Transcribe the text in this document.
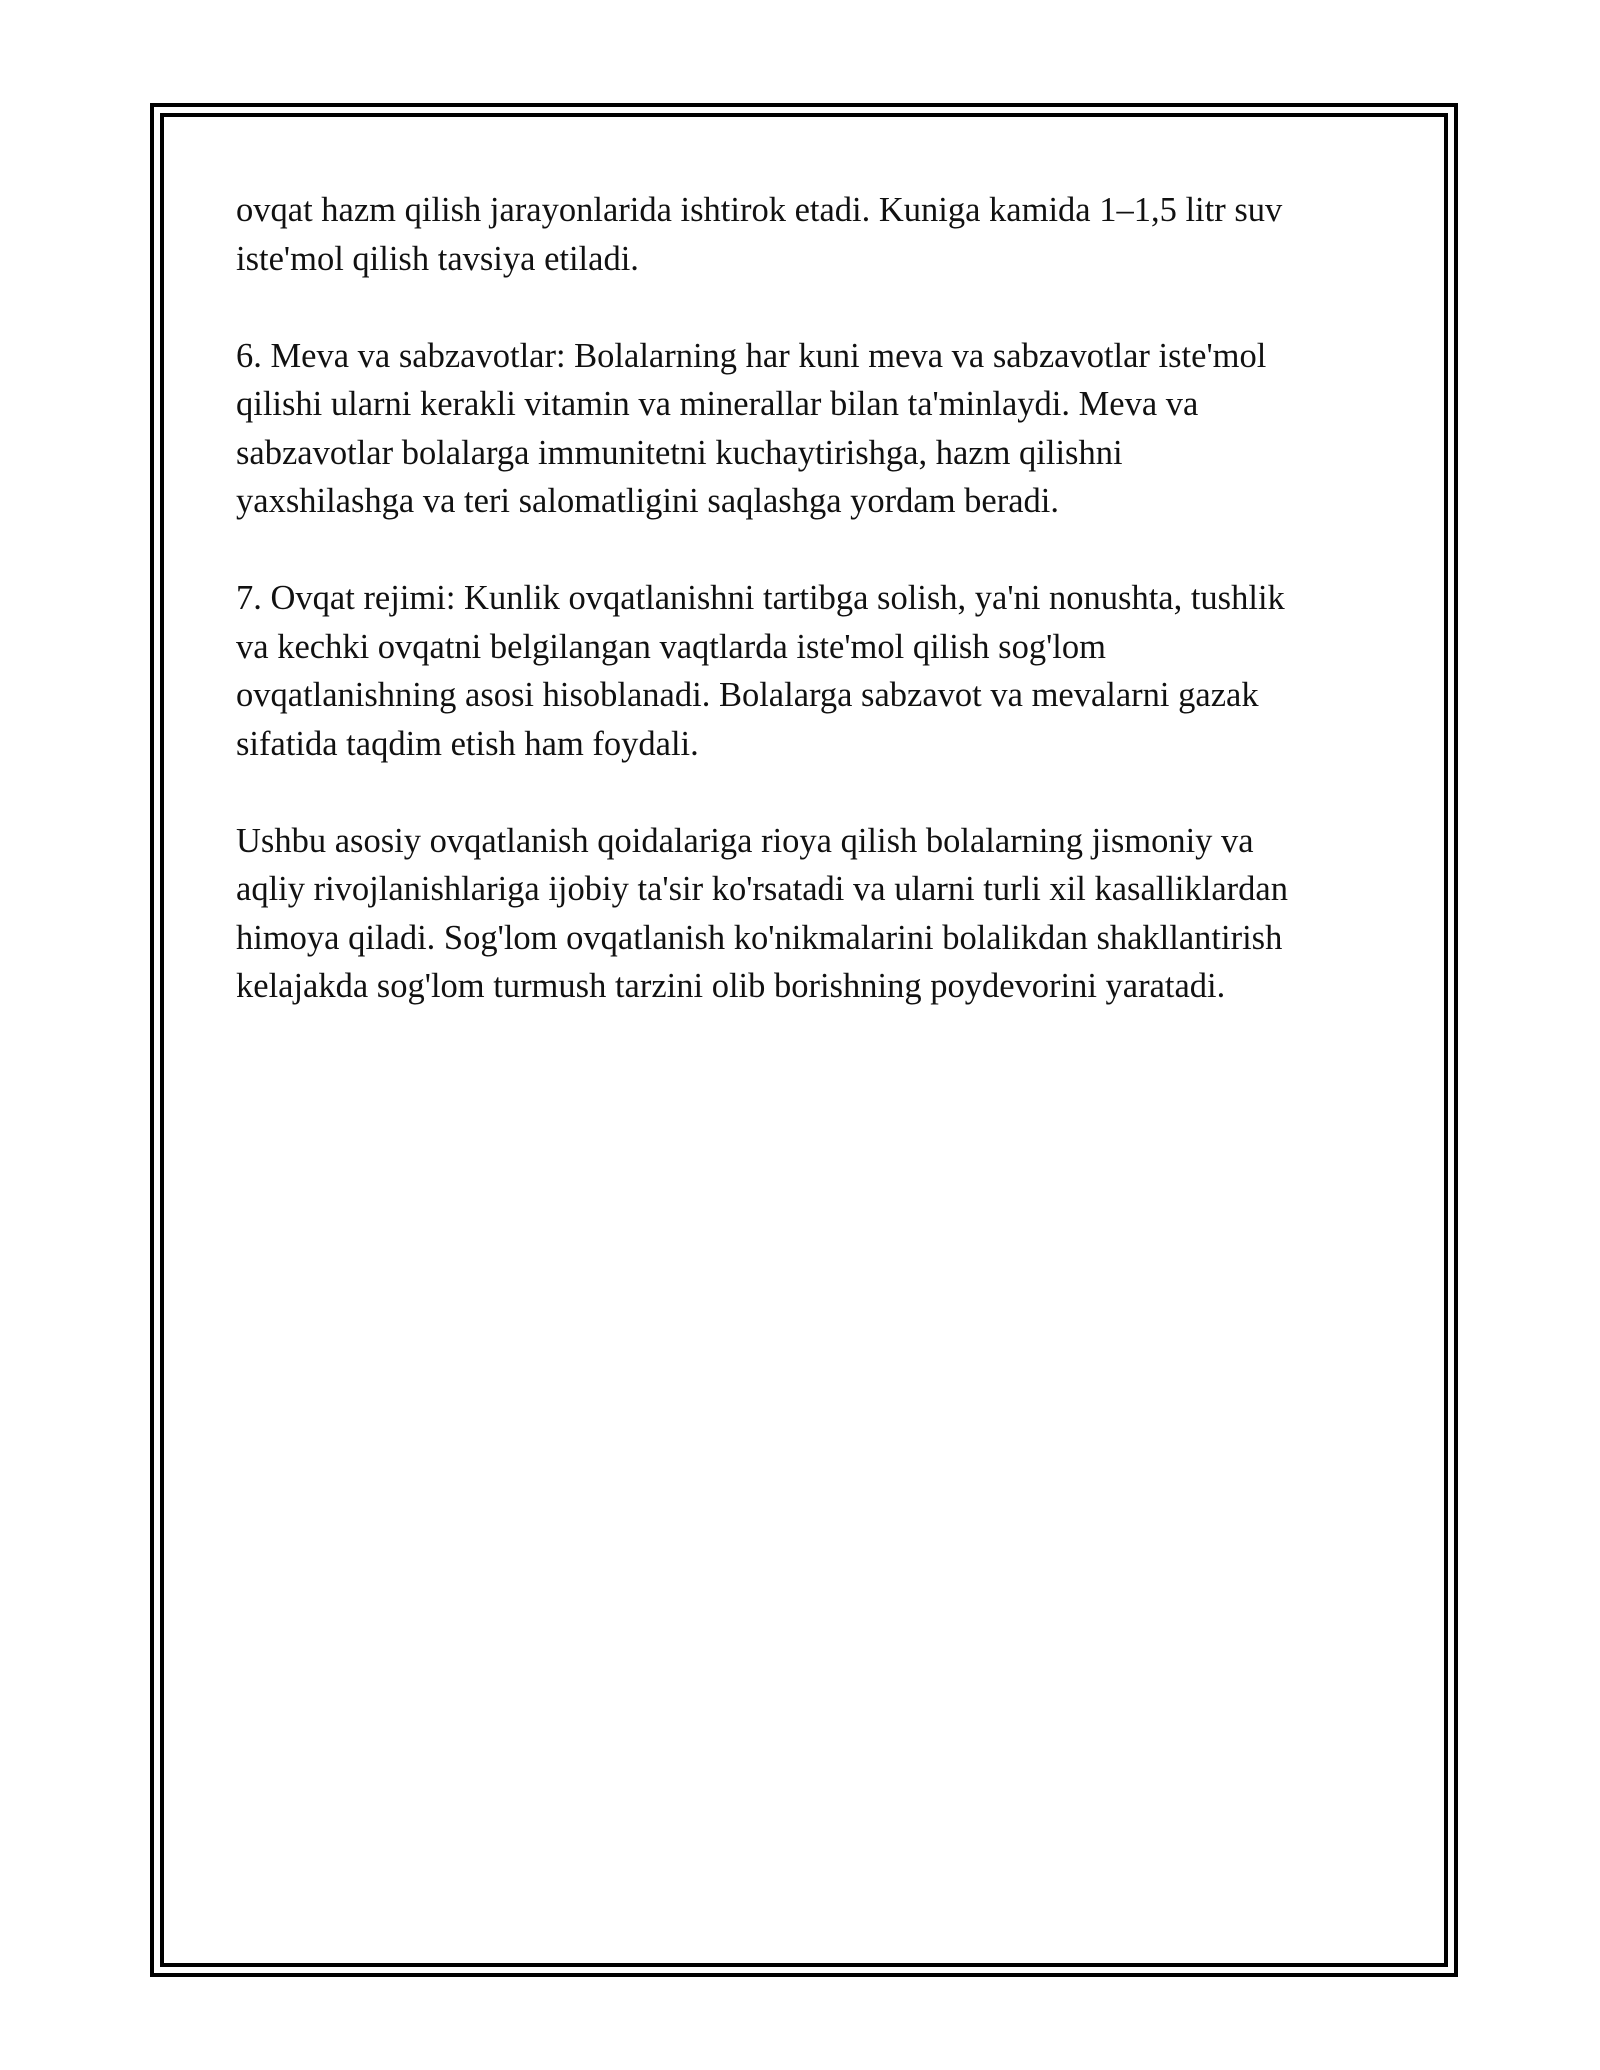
ovqat hazm qilish jarayonlarida ishtirok etadi. Kuniga kamida 1–1,5 litr suv
iste'mol qilish tavsiya etiladi.

6. Meva va sabzavotlar: Bolalarning har kuni meva va sabzavotlar iste'mol
qilishi ularni kerakli vitamin va minerallar bilan ta'minlaydi. Meva va
sabzavotlar bolalarga immunitetni kuchaytirishga, hazm qilishni
yaxshilashga va teri salomatligini saqlashga yordam beradi.

7. Ovqat rejimi: Kunlik ovqatlanishni tartibga solish, ya'ni nonushta, tushlik
va kechki ovqatni belgilangan vaqtlarda iste'mol qilish sog'lom
ovqatlanishning asosi hisoblanadi. Bolalarga sabzavot va mevalarni gazak
sifatida taqdim etish ham foydali.

Ushbu asosiy ovqatlanish qoidalariga rioya qilish bolalarning jismoniy va
aqliy rivojlanishlariga ijobiy ta'sir ko'rsatadi va ularni turli xil kasalliklardan
himoya qiladi. Sog'lom ovqatlanish ko'nikmalarini bolalikdan shakllantirish
kelajakda sog'lom turmush tarzini olib borishning poydevorini yaratadi.
